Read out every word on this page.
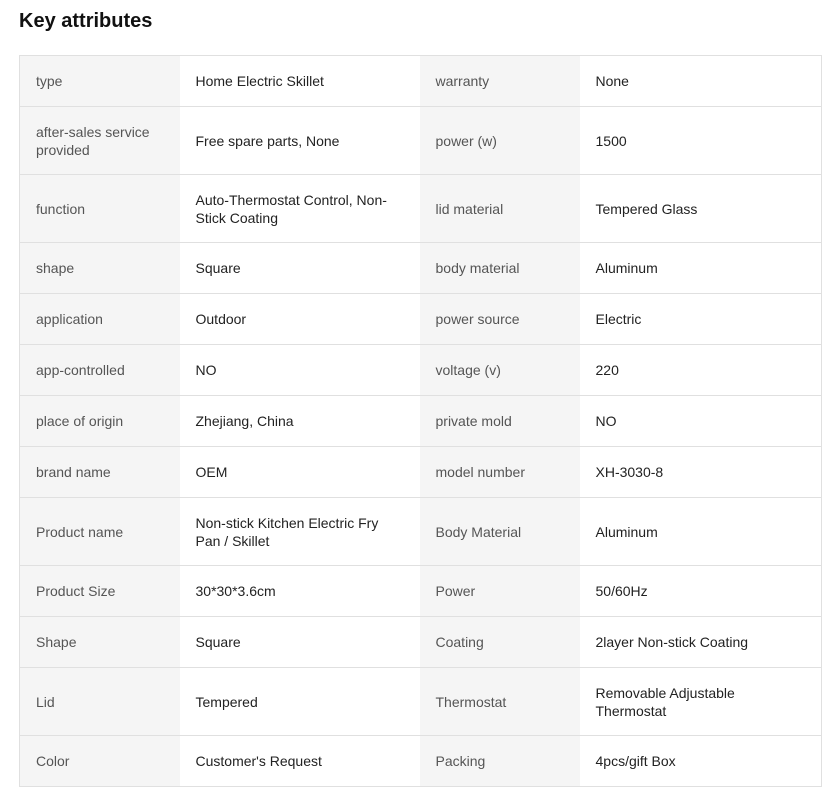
Key attributes
type	Home Electric Skillet	warranty	None
after-sales service provided	Free spare parts, None	power (w)	1500
function	Auto-Thermostat Control, Non-Stick Coating	lid material	Tempered Glass
shape	Square	body material	Aluminum
application	Outdoor	power source	Electric
app-controlled	NO	voltage (v)	220
place of origin	Zhejiang, China	private mold	NO
brand name	OEM	model number	XH-3030-8
Product name	Non-stick Kitchen Electric Fry Pan / Skillet	Body Material	Aluminum
Product Size	30*30*3.6cm	Power	50/60Hz
Shape	Square	Coating	2layer Non-stick Coating
Lid	Tempered	Thermostat	Removable Adjustable Thermostat
Color	Customer's Request	Packing	4pcs/gift Box
